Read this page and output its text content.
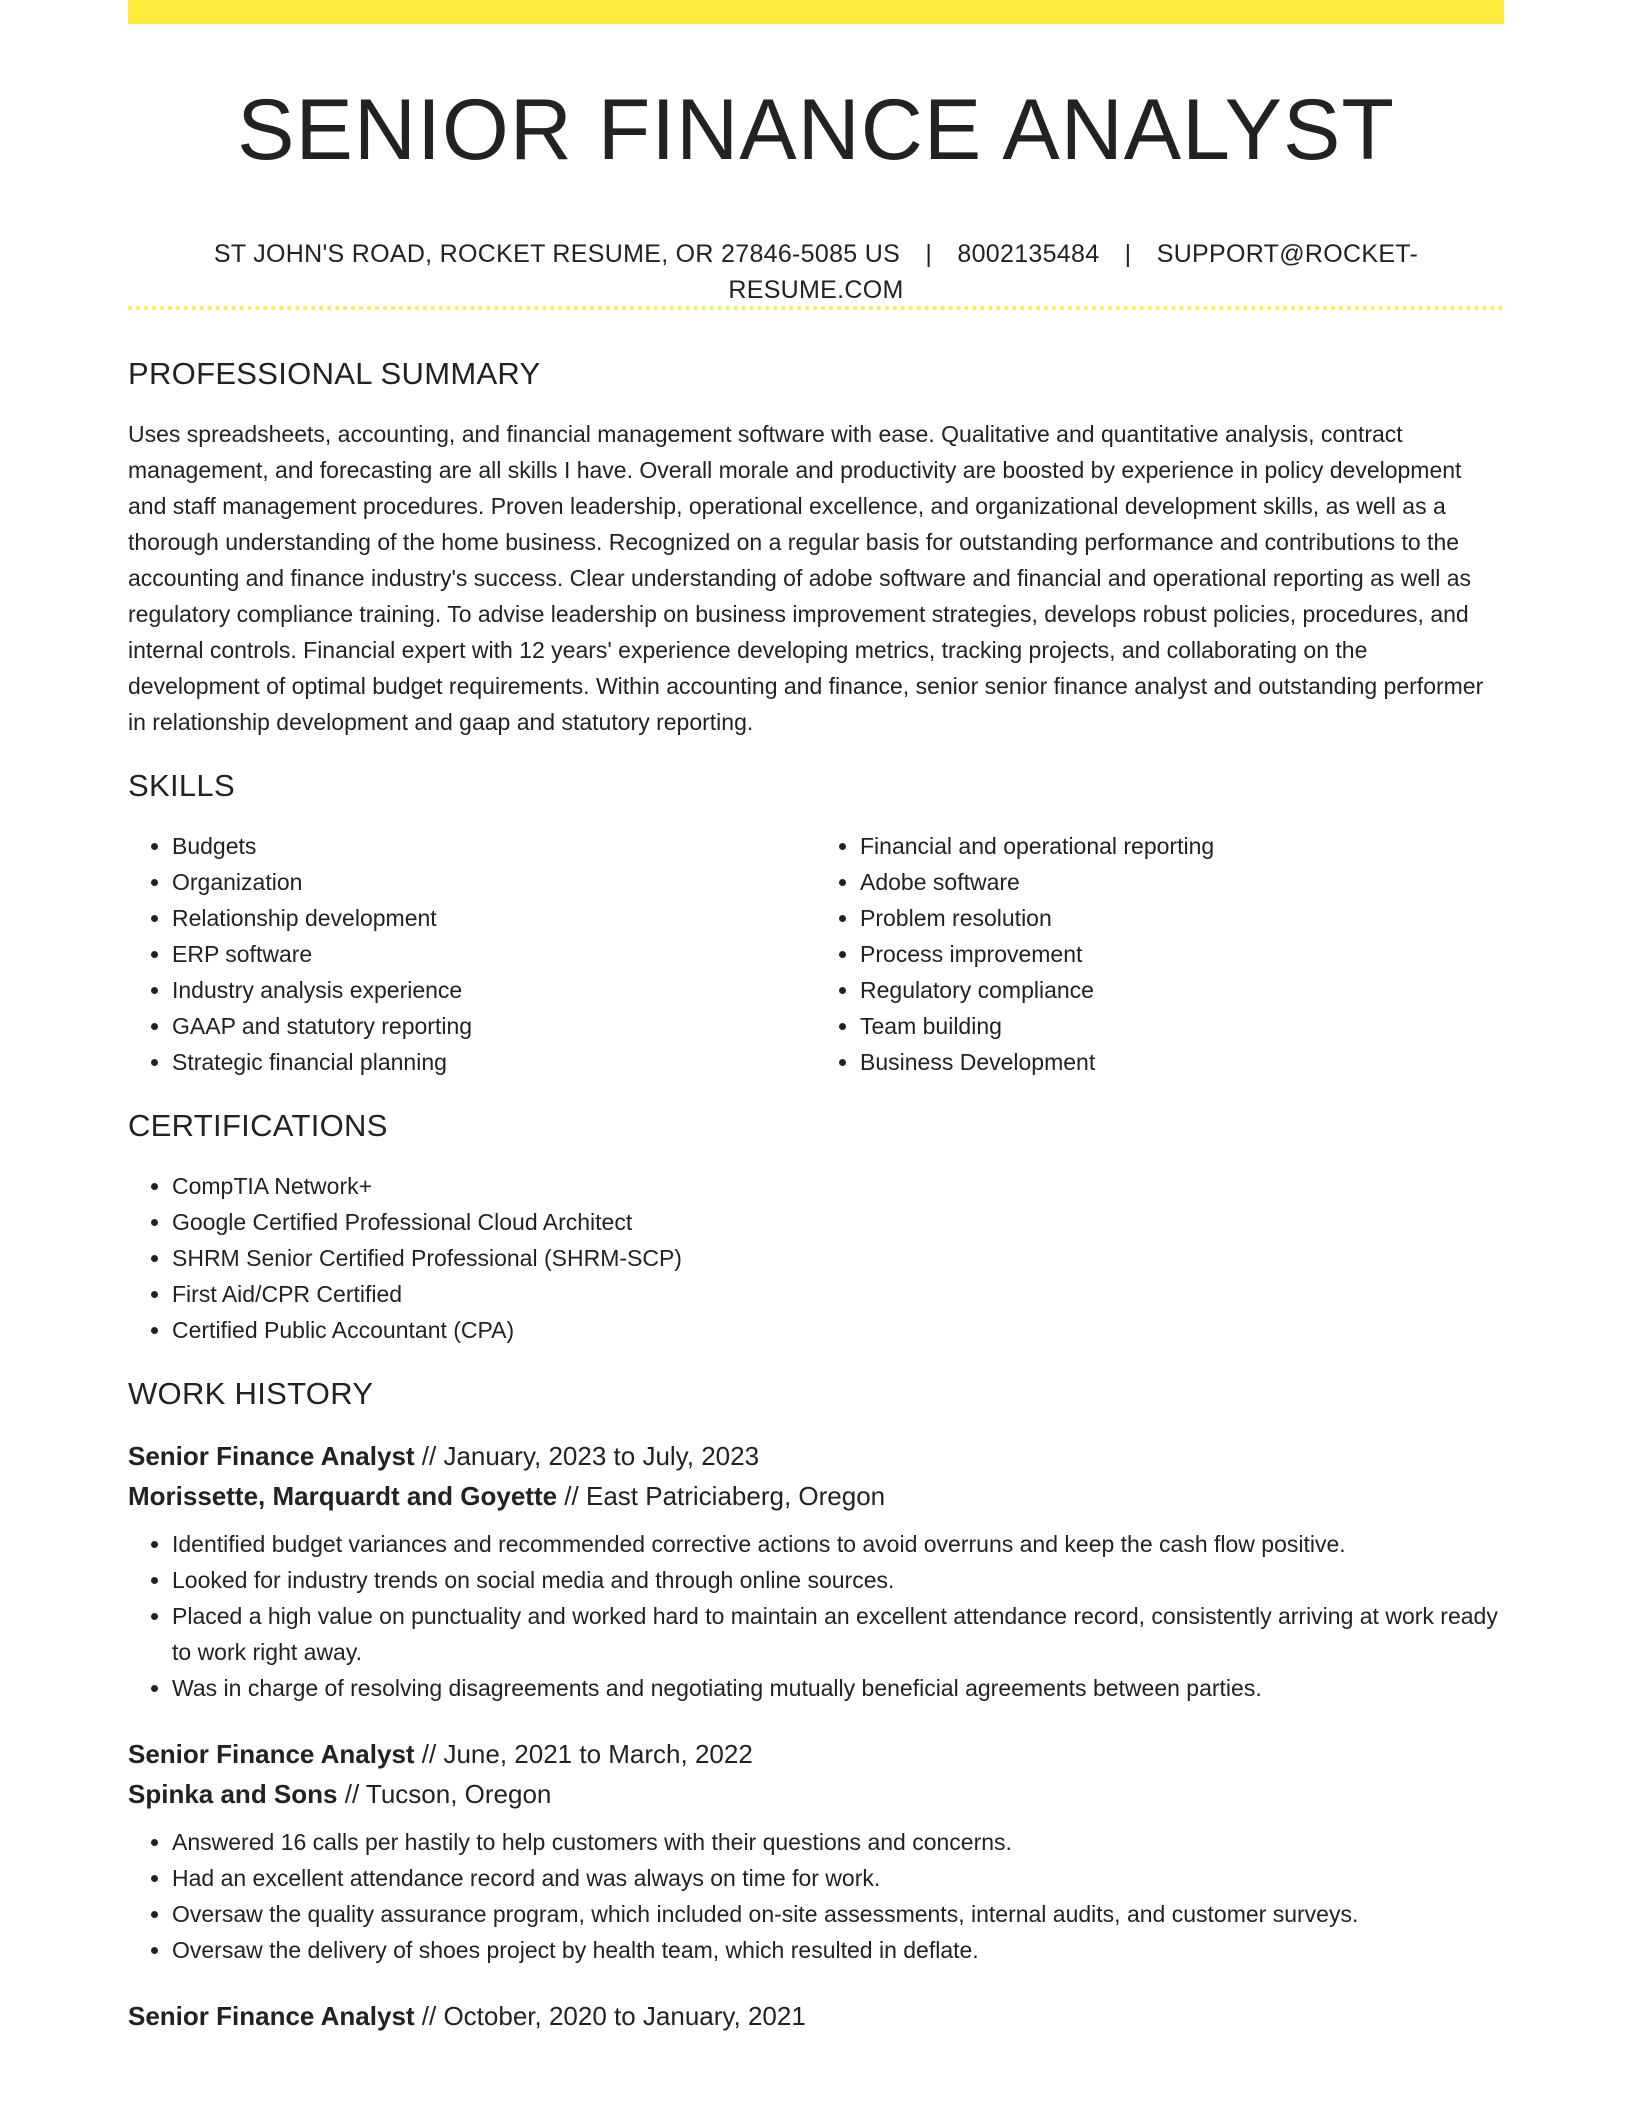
SENIOR FINANCE ANALYST
ST JOHN'S ROAD, ROCKET RESUME, OR 27846-5085 US | 8002135484 | SUPPORT@ROCKET-RESUME.COM
PROFESSIONAL SUMMARY

Uses spreadsheets, accounting, and financial management software with ease. Qualitative and quantitative analysis, contract management, and forecasting are all skills I have. Overall morale and productivity are boosted by experience in policy development and staff management procedures. Proven leadership, operational excellence, and organizational development skills, as well as a thorough understanding of the home business. Recognized on a regular basis for outstanding performance and contributions to the accounting and finance industry's success. Clear understanding of adobe software and financial and operational reporting as well as regulatory compliance training. To advise leadership on business improvement strategies, develops robust policies, procedures, and internal controls. Financial expert with 12 years' experience developing metrics, tracking projects, and collaborating on the development of optimal budget requirements. Within accounting and finance, senior senior finance analyst and outstanding performer in relationship development and gaap and statutory reporting.

SKILLS
• Budgets
• Organization
• Relationship development
• ERP software
• Industry analysis experience
• GAAP and statutory reporting
• Strategic financial planning
• Financial and operational reporting
• Adobe software
• Problem resolution
• Process improvement
• Regulatory compliance
• Team building
• Business Development
CERTIFICATIONS
• CompTIA Network+
• Google Certified Professional Cloud Architect
• SHRM Senior Certified Professional (SHRM-SCP)
• First Aid/CPR Certified
• Certified Public Accountant (CPA)
WORK HISTORY

Senior Finance Analyst // January, 2023 to July, 2023

Morissette, Marquardt and Goyette // East Patriciaberg, Oregon

• Identified budget variances and recommended corrective actions to avoid overruns and keep the cash flow positive.
• Looked for industry trends on social media and through online sources.
• Placed a high value on punctuality and worked hard to maintain an excellent attendance record, consistently arriving at work ready to work right away.
• Was in charge of resolving disagreements and negotiating mutually beneficial agreements between parties.

Senior Finance Analyst // June, 2021 to March, 2022

Spinka and Sons // Tucson, Oregon

• Answered 16 calls per hastily to help customers with their questions and concerns.
• Had an excellent attendance record and was always on time for work.
• Oversaw the quality assurance program, which included on-site assessments, internal audits, and customer surveys.
• Oversaw the delivery of shoes project by health team, which resulted in deflate.

Senior Finance Analyst // October, 2020 to January, 2021
